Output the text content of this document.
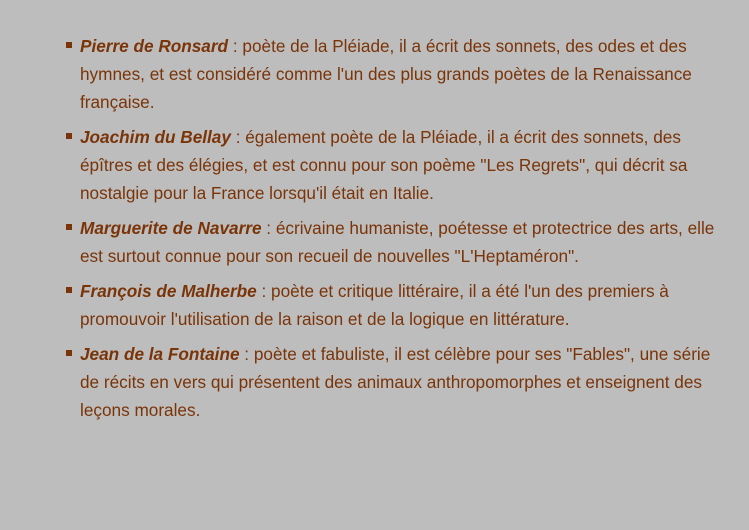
Pierre de Ronsard : poète de la Pléiade, il a écrit des sonnets, des odes et des hymnes, et est considéré comme l'un des plus grands poètes de la Renaissance française.
Joachim du Bellay : également poète de la Pléiade, il a écrit des sonnets, des épîtres et des élégies, et est connu pour son poème "Les Regrets", qui décrit sa nostalgie pour la France lorsqu'il était en Italie.
Marguerite de Navarre : écrivaine humaniste, poétesse et protectrice des arts, elle est surtout connue pour son recueil de nouvelles "L'Heptaméron".
François de Malherbe : poète et critique littéraire, il a été l'un des premiers à promouvoir l'utilisation de la raison et de la logique en littérature.
Jean de la Fontaine : poète et fabuliste, il est célèbre pour ses "Fables", une série de récits en vers qui présentent des animaux anthropomorphes et enseignent des leçons morales.
